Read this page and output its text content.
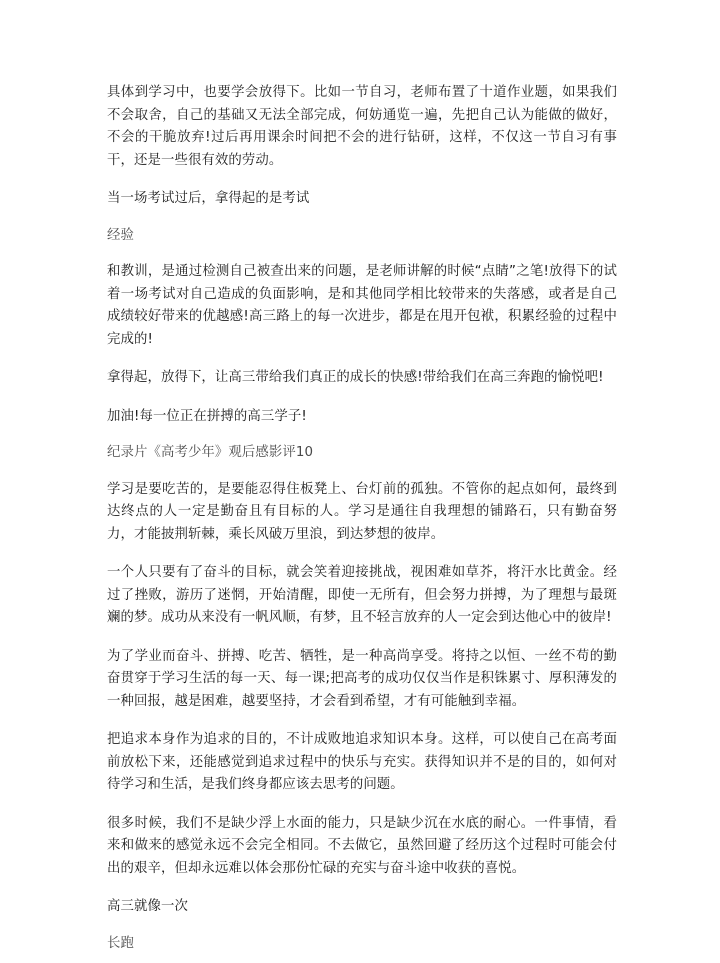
具体到学习中，也要学会放得下。比如一节自习，老师布置了十道作业题，如果我们不会取舍，自己的基础又无法全部完成，何妨通览一遍，先把自己认为能做的做好，不会的干脆放弃!过后再用课余时间把不会的进行钻研，这样，不仅这一节自习有事干，还是一些很有效的劳动。

当一场考试过后，拿得起的是考试

经验

和教训，是通过检测自己被查出来的问题，是老师讲解的时候“点睛”之笔!放得下的试着一场考试对自己造成的负面影响，是和其他同学相比较带来的失落感，或者是自己成绩较好带来的优越感!高三路上的每一次进步，都是在甩开包袱，积累经验的过程中完成的!

拿得起，放得下，让高三带给我们真正的成长的快感!带给我们在高三奔跑的愉悦吧!

加油!每一位正在拼搏的高三学子!

纪录片《高考少年》观后感影评10

学习是要吃苦的，是要能忍得住板凳上、台灯前的孤独。不管你的起点如何，最终到达终点的人一定是勤奋且有目标的人。学习是通往自我理想的铺路石，只有勤奋努力，才能披荆斩棘，乘长风破万里浪，到达梦想的彼岸。

一个人只要有了奋斗的目标，就会笑着迎接挑战，视困难如草芥，将汗水比黄金。经过了挫败，游历了迷惘，开始清醒，即使一无所有，但会努力拼搏，为了理想与最斑斓的梦。成功从来没有一帆风顺，有梦，且不轻言放弃的人一定会到达他心中的彼岸!

为了学业而奋斗、拼搏、吃苦、牺牲，是一种高尚享受。将持之以恒、一丝不苟的勤奋贯穿于学习生活的每一天、每一课;把高考的成功仅仅当作是积铢累寸、厚积薄发的一种回报，越是困难，越要坚持，才会看到希望，才有可能触到幸福。

把追求本身作为追求的目的，不计成败地追求知识本身。这样，可以使自己在高考面前放松下来，还能感觉到追求过程中的快乐与充实。获得知识并不是的目的，如何对待学习和生活，是我们终身都应该去思考的问题。

很多时候，我们不是缺少浮上水面的能力，只是缺少沉在水底的耐心。一件事情，看来和做来的感觉永远不会完全相同。不去做它，虽然回避了经历这个过程时可能会付出的艰辛，但却永远难以体会那份忙碌的充实与奋斗途中收获的喜悦。

高三就像一次

长跑
